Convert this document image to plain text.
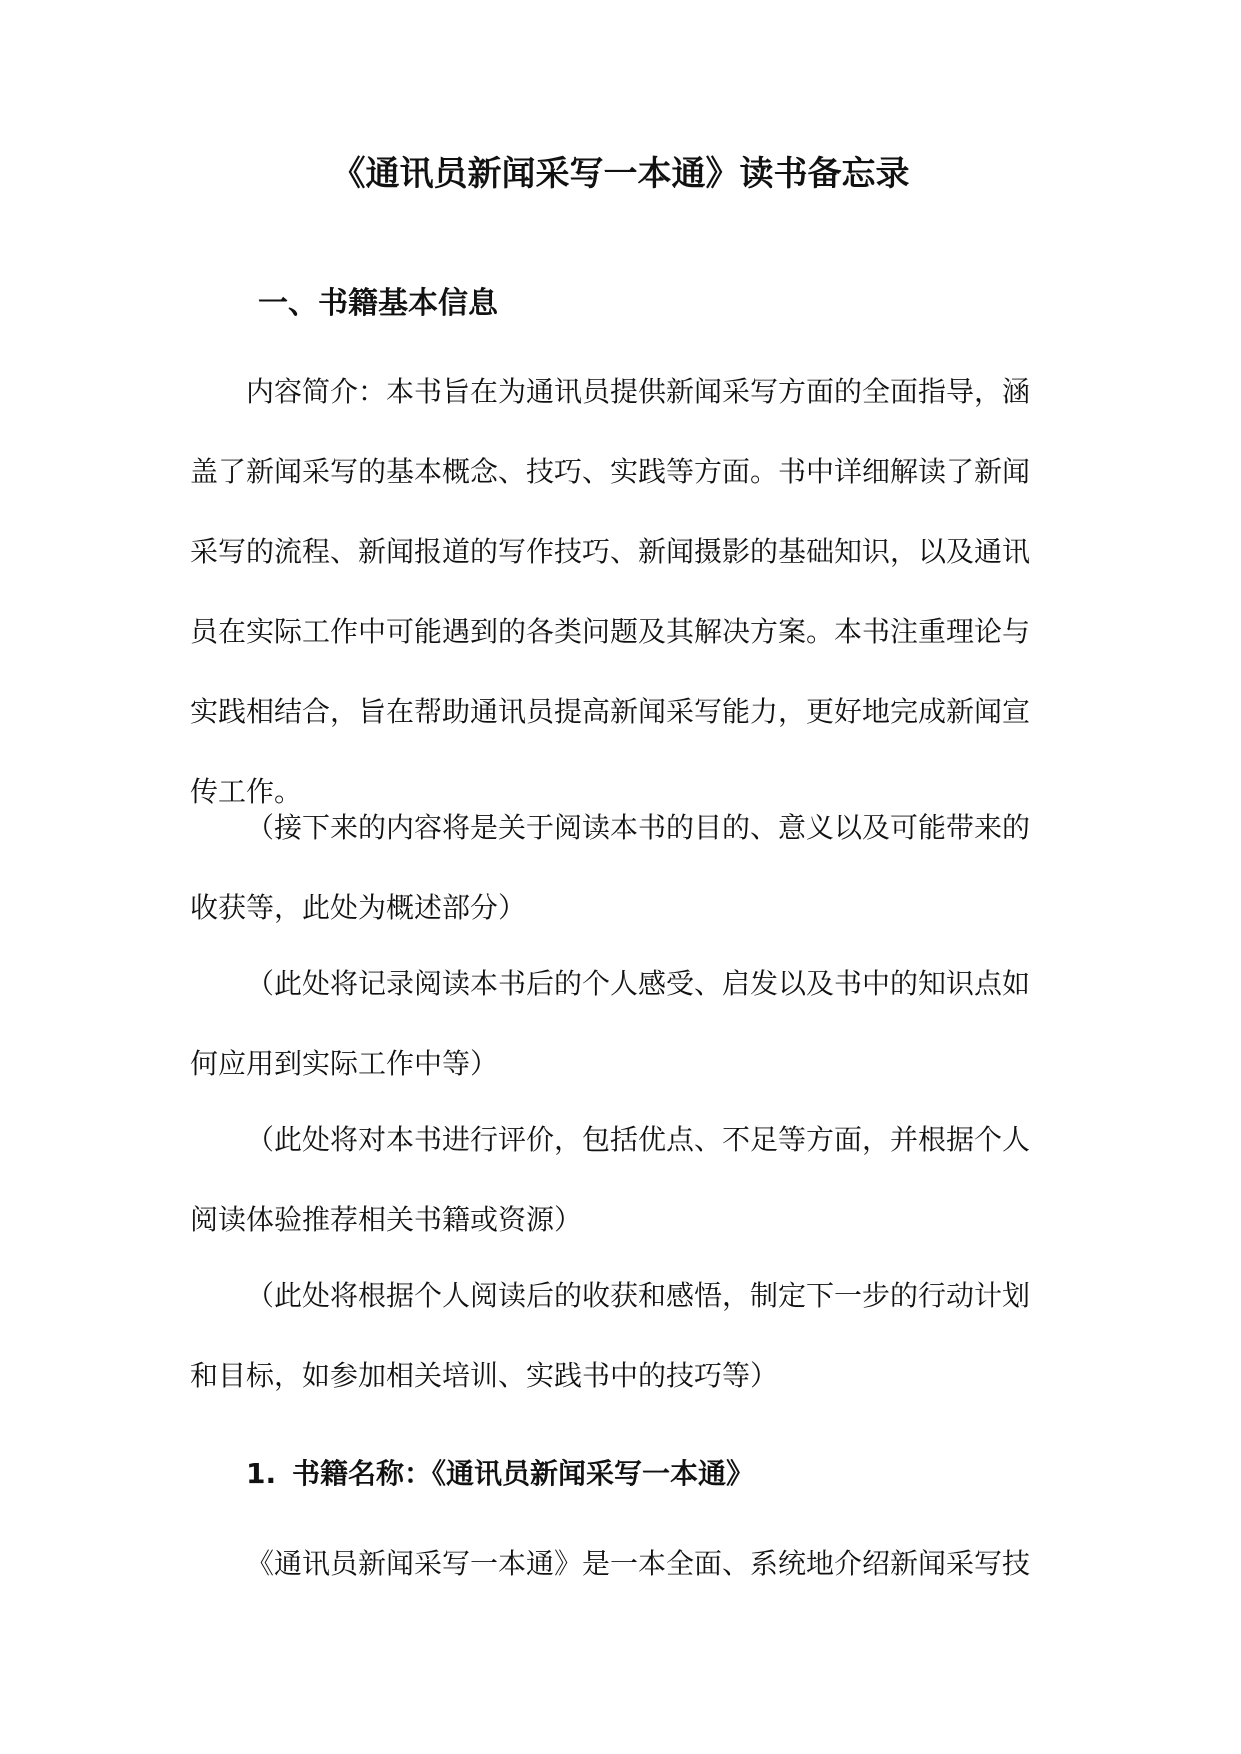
《通讯员新闻采写一本通》读书备忘录
一、书籍基本信息
内容简介：本书旨在为通讯员提供新闻采写方面的全面指导，涵
盖了新闻采写的基本概念、技巧、实践等方面。书中详细解读了新闻
采写的流程、新闻报道的写作技巧、新闻摄影的基础知识，以及通讯
员在实际工作中可能遇到的各类问题及其解决方案。本书注重理论与
实践相结合，旨在帮助通讯员提高新闻采写能力，更好地完成新闻宣
传工作。
（接下来的内容将是关于阅读本书的目的、意义以及可能带来的
收获等，此处为概述部分）
（此处将记录阅读本书后的个人感受、启发以及书中的知识点如
何应用到实际工作中等）
（此处将对本书进行评价，包括优点、不足等方面，并根据个人
阅读体验推荐相关书籍或资源）
（此处将根据个人阅读后的收获和感悟，制定下一步的行动计划
和目标，如参加相关培训、实践书中的技巧等）
1. 书籍名称：《通讯员新闻采写一本通》
《通讯员新闻采写一本通》是一本全面、系统地介绍新闻采写技
